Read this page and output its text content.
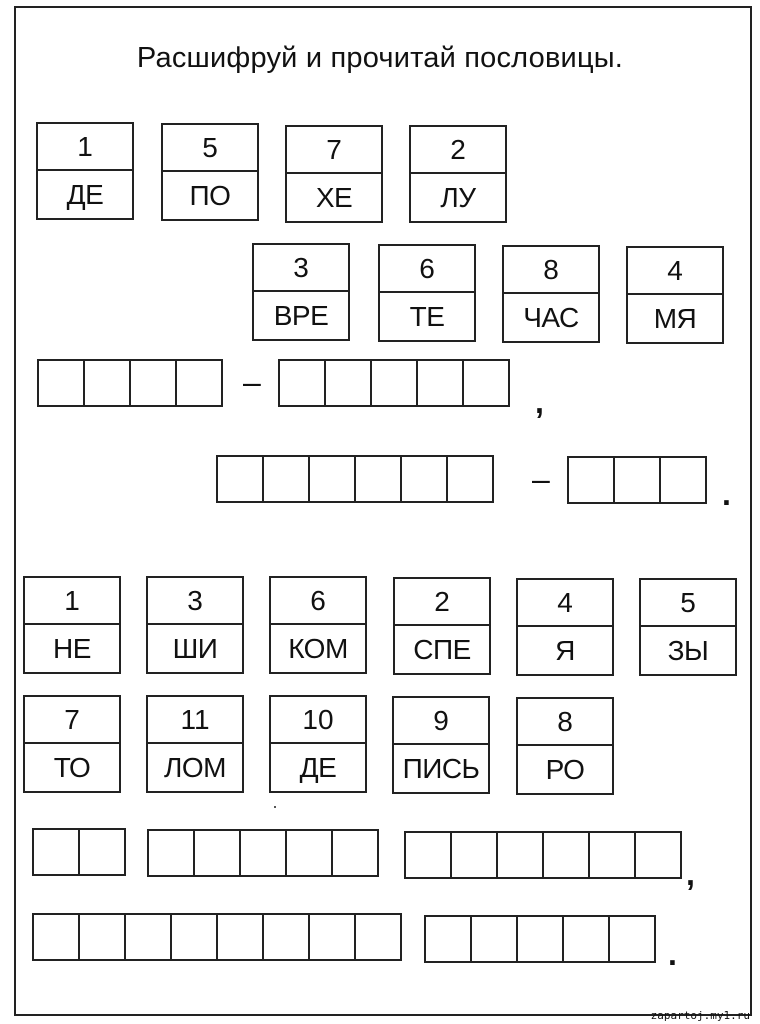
Расшифруй и прочитай пословицы.
1
ДЕ
5
ПО
7
ХЕ
2
ЛУ
3
ВРЕ
6
ТЕ
8
ЧАС
4
МЯ
–
,
–	.
1
НЕ
3
ШИ
6
КОМ
2
СПЕ
4
Я
5
ЗЫ
7
ТО
11
ЛОМ
10
ДЕ
9
ПИСЬ
8
РО
,
.
zapartoj.my1.ru
